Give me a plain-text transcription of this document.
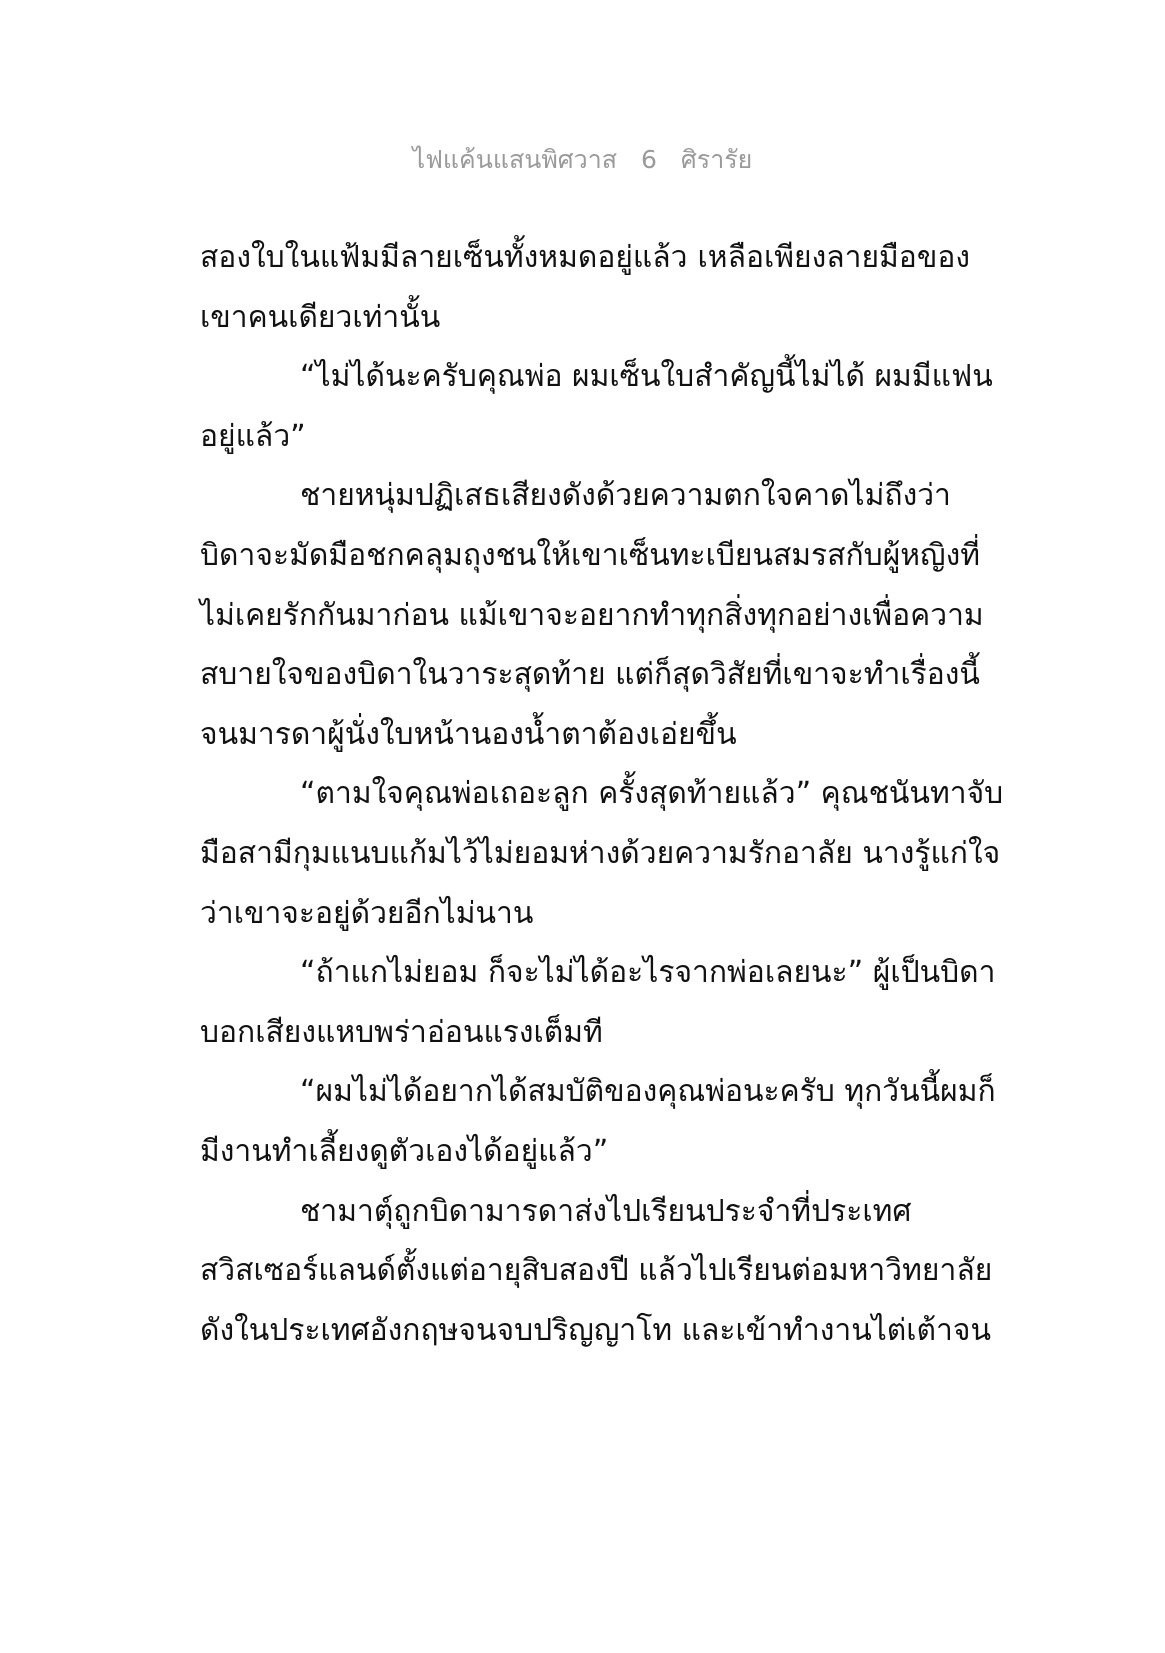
ไฟแค้นแสนพิศวาส 6 ศิรารัย
สองใบในแฟ้มมีลายเซ็นทั้งหมดอยู่แล้ว เหลือเพียงลายมือของ
เขาคนเดียวเท่านั้น
“ไม่ได้นะครับคุณพ่อ ผมเซ็นใบสำคัญนี้ไม่ได้ ผมมีแฟน
อยู่แล้ว”
ชายหนุ่มปฏิเสธเสียงดังด้วยความตกใจคาดไม่ถึงว่า
บิดาจะมัดมือชกคลุมถุงชนให้เขาเซ็นทะเบียนสมรสกับผู้หญิงที่
ไม่เคยรักกันมาก่อน แม้เขาจะอยากทำทุกสิ่งทุกอย่างเพื่อความ
สบายใจของบิดาในวาระสุดท้าย แต่ก็สุดวิสัยที่เขาจะทำเรื่องนี้
จนมารดาผู้นั่งใบหน้านองน้ำตาต้องเอ่ยขึ้น
“ตามใจคุณพ่อเถอะลูก ครั้งสุดท้ายแล้ว” คุณชนันทาจับ
มือสามีกุมแนบแก้มไว้ไม่ยอมห่างด้วยความรักอาลัย นางรู้แก่ใจ
ว่าเขาจะอยู่ด้วยอีกไม่นาน
“ถ้าแกไม่ยอม ก็จะไม่ได้อะไรจากพ่อเลยนะ” ผู้เป็นบิดา
บอกเสียงแหบพร่าอ่อนแรงเต็มที
“ผมไม่ได้อยากได้สมบัติของคุณพ่อนะครับ ทุกวันนี้ผมก็
มีงานทำเลี้ยงดูตัวเองได้อยู่แล้ว”
ชามาตุ์ถูกบิดามารดาส่งไปเรียนประจำที่ประเทศ
สวิสเซอร์แลนด์ตั้งแต่อายุสิบสองปี แล้วไปเรียนต่อมหาวิทยาลัย
ดังในประเทศอังกฤษจนจบปริญญาโท และเข้าทำงานไต่เต้าจน
